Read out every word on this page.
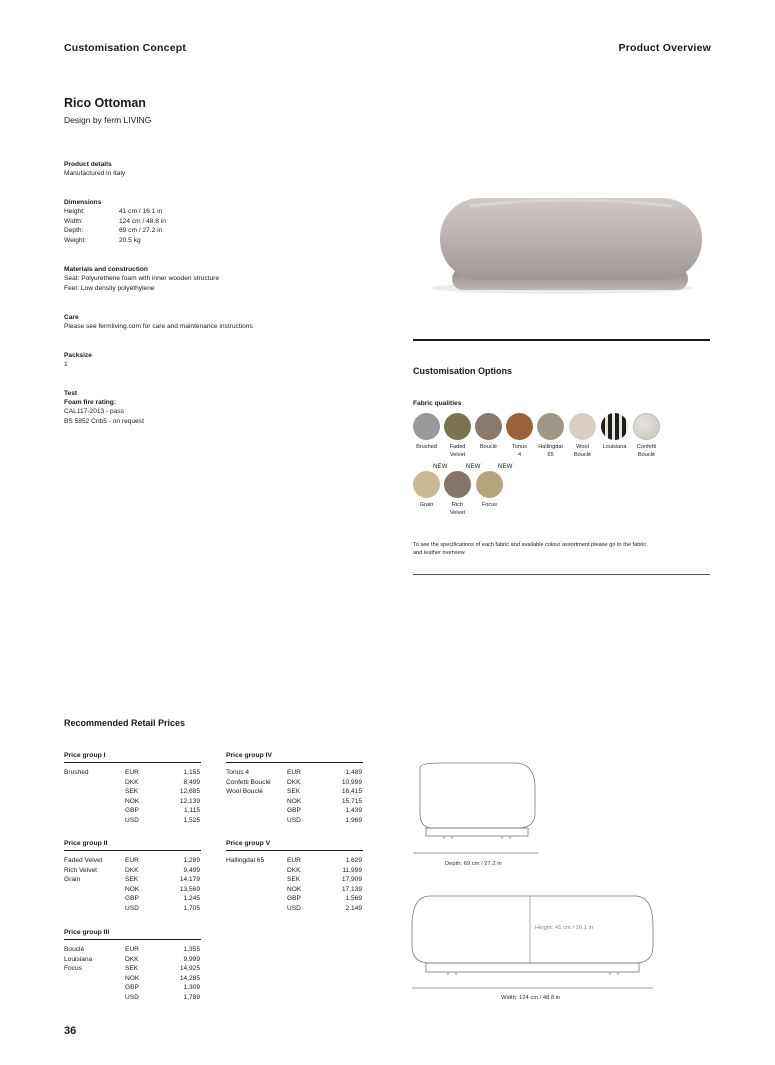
Customisation Concept	Product Overview
Rico Ottoman
Design by ferm LIVING
Product details
Manufactured in Italy
Dimensions
Height:	41 cm / 16.1 in
Width:	124 cm / 48.8 in
Depth:	69 cm / 27.2 in
Weight:	20.5 kg
Materials and construction
Seat: Polyurethene foam with inner wooden structure
Feet: Low density polyethylene
Care
Please see fermliving.com for care and maintenance instructions
Packsize
1
Test
Foam fire rating:
CAL117-2013 - pass
BS 5852 Crib5 - on request
Customisation Options
Fabric qualities
Brushed	Faded
Velvet
Bouclé	Tonus
4
Hallingdal
65
Wool
Bouclé
Louisiana	Confetti
Bouclé
Grain	Rich
Velvet
Focus
NEW	NEW	NEW
To see the specifications of each fabric and available colour assortment please go to the fabric
and leather overview
Recommended Retail Prices
Price group I
Brushed	EUR	1,155
DKK	8,499
SEK	12,685
NOK	12,139
GBP	1,115
USD	1,525
Price group II
Faded Velvet
Rich Velvet
Grain
EUR	1,289
DKK	9,499
SEK	14,179
NOK	13,569
GBP	1,245
USD	1,705
Price group III
Bouclé
Louisiana
Focus
EUR	1,355
DKK	9,999
SEK	14,925
NOK	14,285
GBP	1,309
USD	1,789
Price group IV
Tonus 4
Confetti Bouclé
Wool Bouclé
EUR	1,489
DKK	10,999
SEK	16,415
NOK	15,715
GBP	1,439
USD	1,969
Price group V
Hallingdal 65	EUR	1,629
DKK	11,999
SEK	17,909
NOK	17,139
GBP	1,569
USD	2,149
Depth: 69 cm / 27.2 in
Height: 41 cm / 16.1 in
Width: 124 cm / 48.8 in
36
